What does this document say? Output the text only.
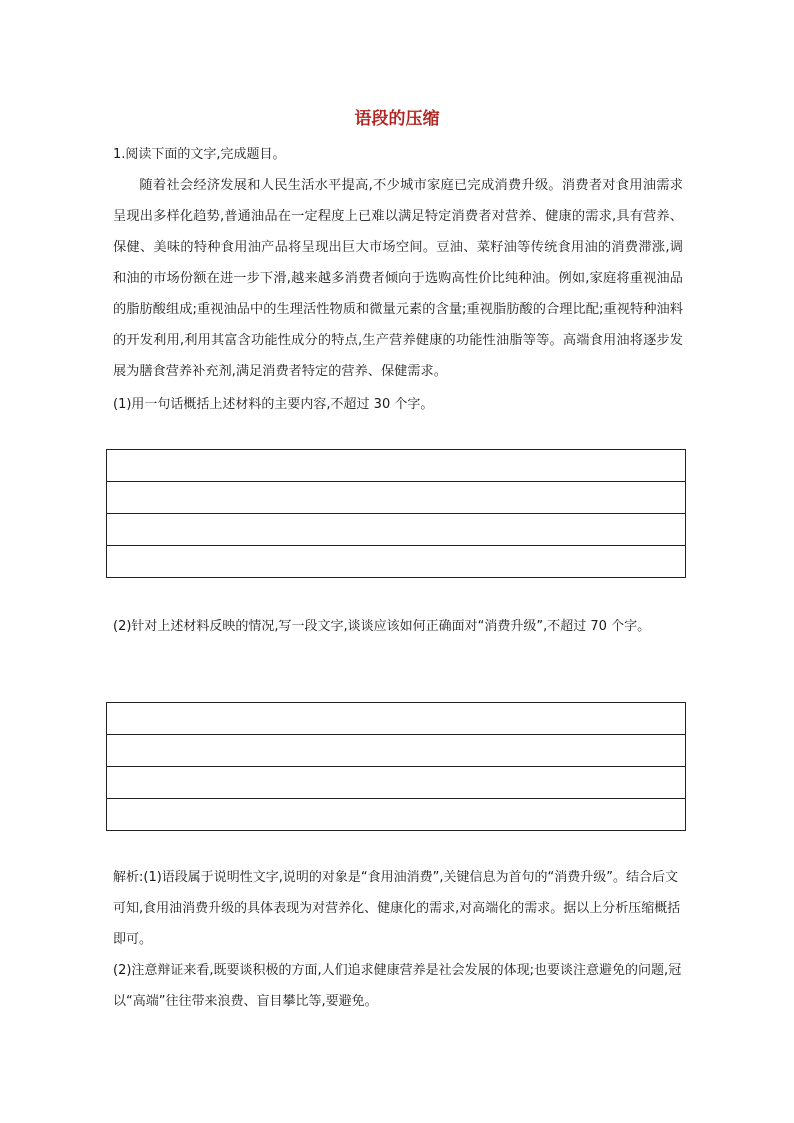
语段的压缩

1.阅读下面的文字,完成题目。

随着社会经济发展和人民生活水平提高,不少城市家庭已完成消费升级。消费者对食用油需求呈现出多样化趋势,普通油品在一定程度上已难以满足特定消费者对营养、健康的需求,具有营养、保健、美味的特种食用油产品将呈现出巨大市场空间。豆油、菜籽油等传统食用油的消费滞涨,调和油的市场份额在进一步下滑,越来越多消费者倾向于选购高性价比纯种油。例如,家庭将重视油品的脂肪酸组成;重视油品中的生理活性物质和微量元素的含量;重视脂肪酸的合理比配;重视特种油料的开发利用,利用其富含功能性成分的特点,生产营养健康的功能性油脂等等。高端食用油将逐步发展为膳食营养补充剂,满足消费者特定的营养、保健需求。

(1)用一句话概括上述材料的主要内容,不超过 30 个字。

(2)针对上述材料反映的情况,写一段文字,谈谈应该如何正确面对“消费升级”,不超过 70 个字。

解析:(1)语段属于说明性文字,说明的对象是“食用油消费”,关键信息为首句的“消费升级”。结合后文可知,食用油消费升级的具体表现为对营养化、健康化的需求,对高端化的需求。据以上分析压缩概括即可。

(2)注意辩证来看,既要谈积极的方面,人们追求健康营养是社会发展的体现;也要谈注意避免的问题,冠以“高端”往往带来浪费、盲目攀比等,要避免。
